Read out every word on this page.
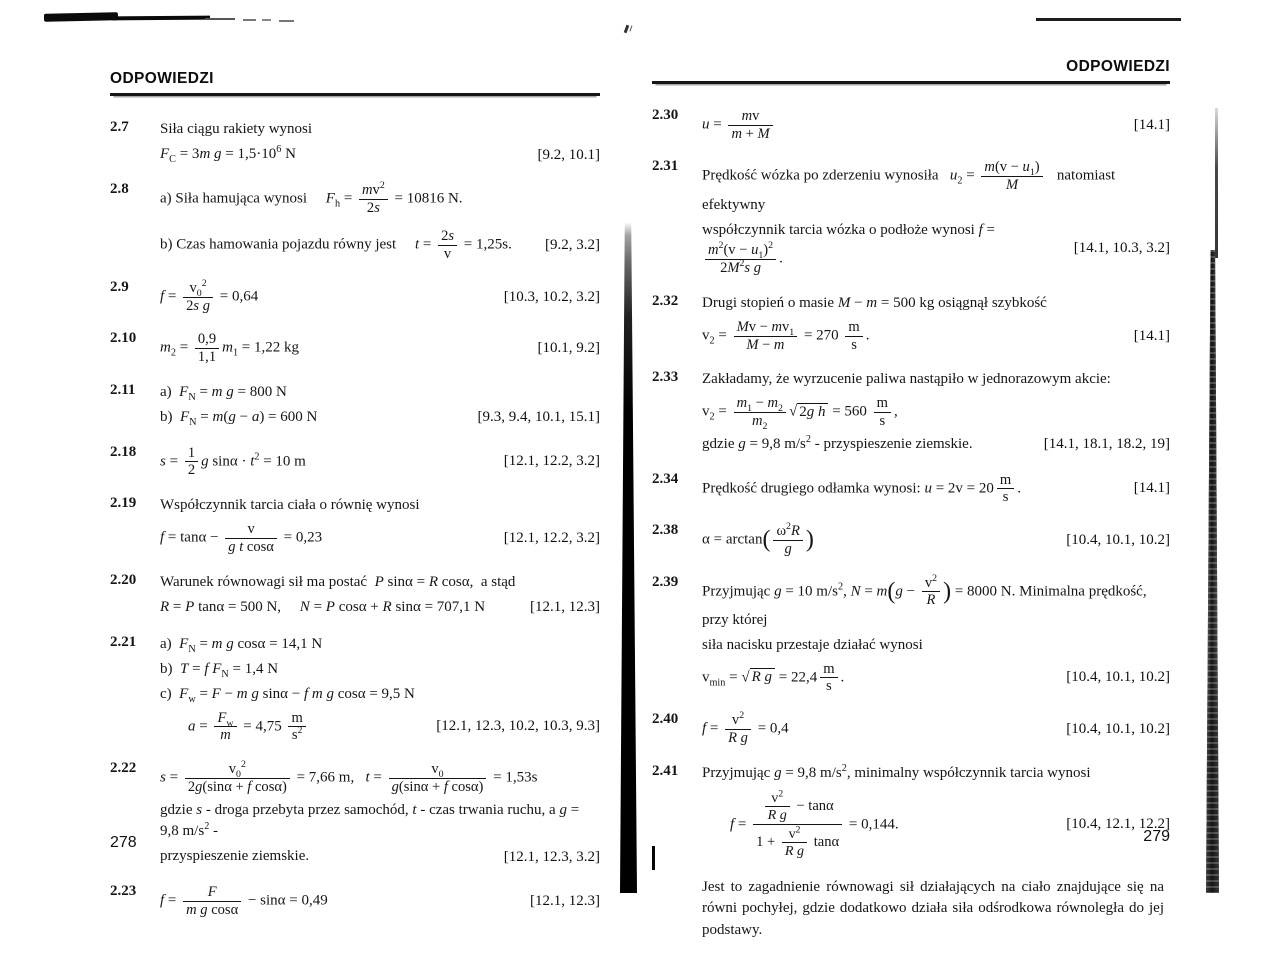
ODPOWIEDZI
2.7	Siła ciągu rakiety wynosi
$F_C = 3m$ $g = 1,5\cdot 10^6$ N	[9.2, 10.1]
2.8
a) Siła hamująca wynosi  $F_h = \frac{mv^2}{2s} = 10816$ N.
b) Czas hamowania pojazdu równy jest  $t = \frac{2s}{v} = 1,25s$.	[9.2, 3.2]
2.9
$f = \frac{v_0^2}{\text{2s g}} = 0,64$	[10.3, 10.2, 3.2]
2.10
$m_2 = \frac{0,9}{1,1} m_1 = 1,22$ kg	[10.1, 9.2]
2.11	a) $F_N = m$ g = 800 N
b) $F_N = m(g - a) = 600$ N	[9.3, 9.4, 10.1, 15.1]
2.18
$s = \frac{1}{2}$ g $\sin\alpha \cdot t^2 = 10$ m	[12.1, 12.2, 3.2]
2.19	Współczynnik tarcia ciała o równię wynosi
$f = \tan\alpha - \frac{v}{\text{g t cosα}} = 0,23$	[12.1, 12.2, 3.2]
2.20	Warunek równowagi sił ma postać P sinα = R cosα, a stąd
R = P tanα = 500 N,  N = P cosα + R sinα = 707,1 N	[12.1, 12.3]
2.21	a) $F_N = m$ g cosα = 14,1 N
b) T = f $F_N = 1,4$ N
c) $F_w = F - m$ g sinα − f m g cosα = 9,5 N
$a = \frac{F_w}{m} = 4,75 \frac{m}{s^2}$	[12.1, 12.3, 10.2, 10.3, 9.3]
2.22
$s = \frac{v_0^2}{\text{2g(sinα + f cosα)}} = 7,66$ m,  $t = \frac{v_0}{\text{g(sinα + f cosα)}} = 1,53s$
gdzie s - droga przebyta przez samochód, t - czas trwania ruchu, a g = 9,8 $m/s^2$ -
przyspieszenie ziemskie.	[12.1, 12.3, 3.2]
2.23
$f = \frac{F}{\text{m g cosα}} - \sin\alpha = 0,49$	[12.1, 12.3]
ODPOWIEDZI
2.30
$u = \frac{mv}{m + M}$	[14.1]
2.31
Prędkość wózka po zderzeniu wynosiła  $u_2 = \frac{m(v - u_1)}{M}$   natomiast efektywny
współczynnik tarcia wózka o podłoże wynosi f =
$\frac{m^2(v - u_1)^2}{2M^2s g}$ .
[14.1, 10.3, 3.2]
2.32	Drugi stopień o masie M − m = 500 kg osiągnął szybkość
$v_2 = \frac{Mv - mv_1}{M - m} = 270 \frac{m}{s}$ .	[14.1]
2.33	Zakładamy, że wyrzucenie paliwa nastąpiło w jednorazowym akcie:
$v_2 = \frac{m_1 - m_2}{m_2}$ √ 2g $h = 560 \frac{m}{s}$ ,
gdzie g = 9,8 $m/s^2$ - przyspieszenie ziemskie.	[14.1, 18.1, 18.2, 19]
2.34
Prędkość drugiego odłamka wynosi: $u = 2v = 20 \frac{m}{s}$ .	[14.1]
2.38
$\alpha = \arctan( \frac{\omega^2R}{g}$ )	[10.4, 10.1, 10.2]
2.39
Przyjmując g = 10 $m/s^2$, $N = m(g - \frac{v^2}{R}$ ) = 8000 N. Minimalna prędkość, przy której
siła nacisku przestaje działać wynosi
$v_{min}$ = √ R $g = 22,4 \frac{m}{s}$ .	[10.4, 10.1, 10.2]
2.40
$f = \frac{v^2}{\text{R g}} = 0,4$	[10.4, 10.1, 10.2]
2.41	Przyjmując g = 9,8 $m/s^2$, minimalny współczynnik tarcia wynosi
$f = \frac{\frac{v^2}{\text{R g}} - \tan\alpha}{1 + \frac{v^2}{\text{R g}} \tan\alpha} = 0,144$.	[10.4, 12.1, 12.2]
Jest to zagadnienie równowagi sił działających na ciało znajdujące się na równi pochyłej, gdzie dodatkowo działa siła odśrodkowa równoległa do jej podstawy.
278	279
